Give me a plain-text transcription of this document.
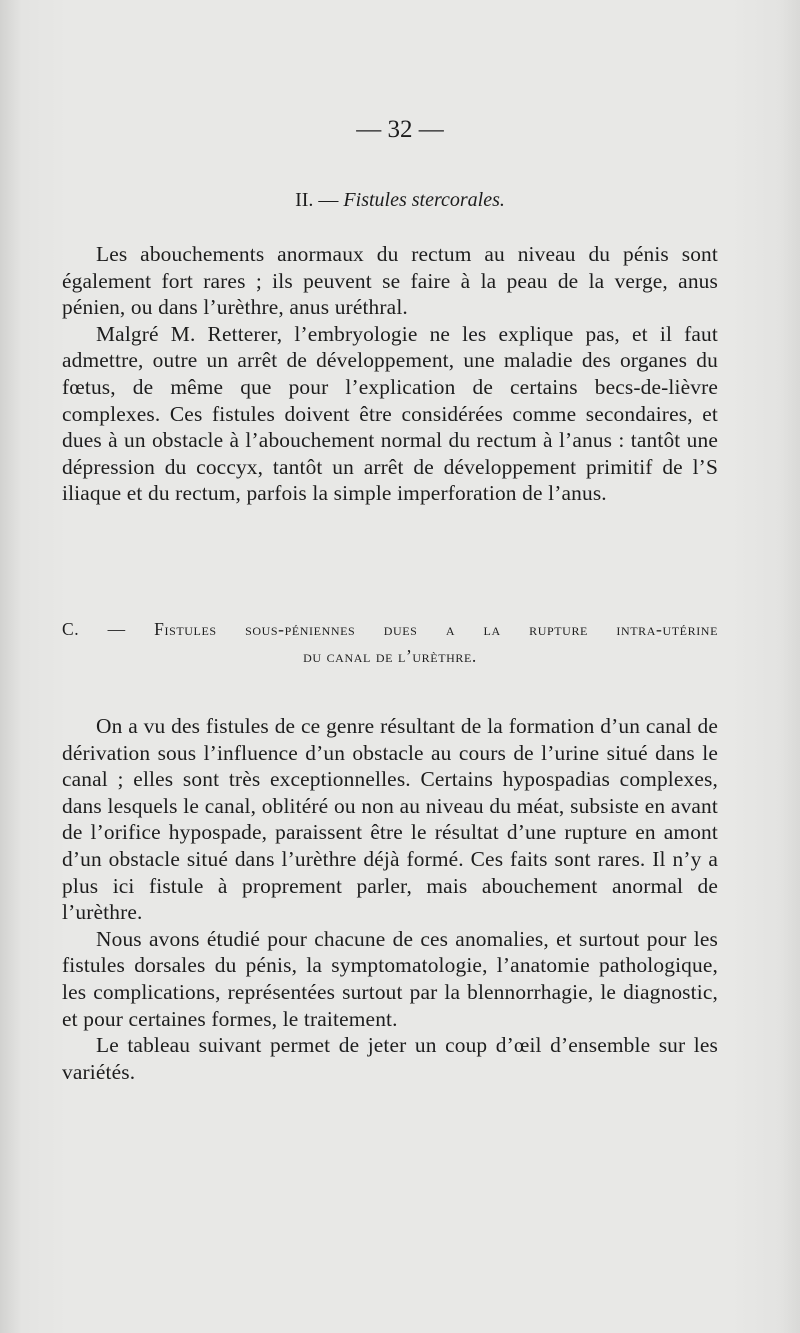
— 32 —
II. — Fistules stercorales.

Les abouchements anormaux du rectum au niveau du pénis sont également fort rares ; ils peuvent se faire à la peau de la verge, anus pénien, ou dans l’urèthre, anus uréthral.

Malgré M. Retterer, l’embryologie ne les explique pas, et il faut admettre, outre un arrêt de développement, une maladie des organes du fœtus, de même que pour l’explication de certains becs-de-lièvre complexes. Ces fistules doivent être considérées comme secondaires, et dues à un obstacle à l’abouchement normal du rectum à l’anus : tantôt une dépression du coccyx, tantôt un arrêt de développement primitif de l’S iliaque et du rectum, parfois la simple imperforation de l’anus.

C. — Fistules sous-péniennes dues a la rupture intra-utérine

du canal de l’urèthre.

On a vu des fistules de ce genre résultant de la formation d’un canal de dérivation sous l’influence d’un obstacle au cours de l’urine situé dans le canal ; elles sont très exceptionnelles. Certains hypospadias complexes, dans lesquels le canal, oblitéré ou non au niveau du méat, subsiste en avant de l’orifice hypospade, paraissent être le résultat d’une rupture en amont d’un obstacle situé dans l’urèthre déjà formé. Ces faits sont rares. Il n’y a plus ici fistule à proprement parler, mais abouchement anormal de l’urèthre.

Nous avons étudié pour chacune de ces anomalies, et surtout pour les fistules dorsales du pénis, la symptomatologie, l’anatomie pathologique, les complications, représentées surtout par la blennorrhagie, le diagnostic, et pour certaines formes, le traitement.

Le tableau suivant permet de jeter un coup d’œil d’ensemble sur les variétés.
